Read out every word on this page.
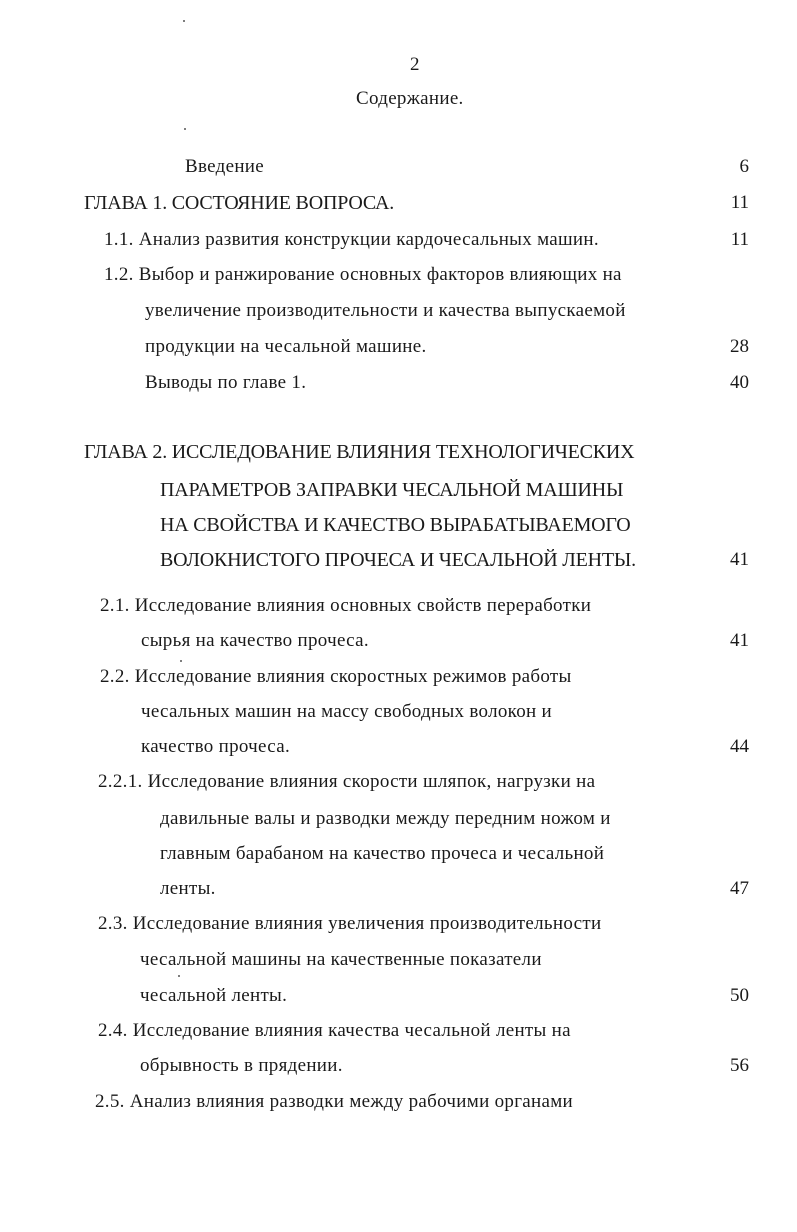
2
Содержание.
Введение	6
ГЛАВА 1. СОСТОЯНИЕ ВОПРОСА.	11
1.1. Анализ развития конструкции кардочесальных машин.	11
1.2. Выбор и ранжирование основных факторов влияющих на
увеличение производительности и качества выпускаемой
продукции на чесальной машине.	28
Выводы по главе 1.	40
ГЛАВА 2. ИССЛЕДОВАНИЕ ВЛИЯНИЯ ТЕХНОЛОГИЧЕСКИХ
ПАРАМЕТРОВ ЗАПРАВКИ ЧЕСАЛЬНОЙ МАШИНЫ
НА СВОЙСТВА И КАЧЕСТВО ВЫРАБАТЫВАЕМОГО
ВОЛОКНИСТОГО ПРОЧЕСА И ЧЕСАЛЬНОЙ ЛЕНТЫ.	41
2.1. Исследование влияния основных свойств переработки
сырья на качество прочеса.	41
2.2. Исследование влияния скоростных режимов работы
чесальных машин на массу свободных волокон и
качество прочеса.	44
2.2.1. Исследование влияния скорости шляпок, нагрузки на
давильные валы и разводки между передним ножом и
главным барабаном на качество прочеса и чесальной
ленты.	47
2.3. Исследование влияния увеличения производительности
чесальной машины на качественные показатели
чесальной ленты.	50
2.4. Исследование влияния качества чесальной ленты на
обрывность в прядении.	56
2.5. Анализ влияния разводки между рабочими органами
